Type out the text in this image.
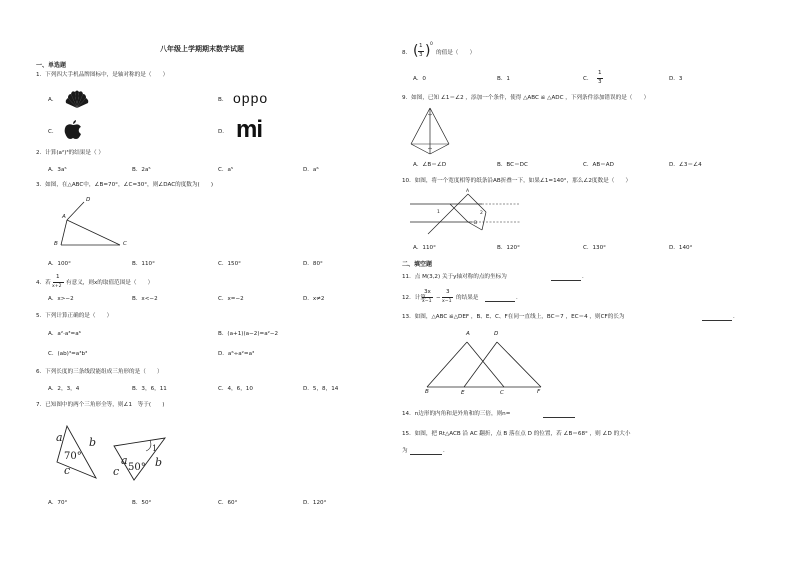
八年级上学期期末数学试题
一、单选题
1．下列四大手机品牌图标中，是轴对称的是（　　）
A．	B． oppo
C．	D． mi
2．计算(a²)³的结果是（ ）
A．3a⁵	B．2a⁵	C．a⁵	D．a⁶
3．如图，在△ABC中，∠B=70°，∠C=30°，则∠DAC的度数为(　　)
D
A
B	C
A．100°	B．110°	C．150°	D．80°
4．若
1
x+2
有意义，则x的取值范围是（　　）
A．x>−2	B．x<−2	C．x=−2	D．x≠2
5．下列计算正确的是（　　）
A．a²·a³=a⁶	B．(a+1)(a−2)=a²−2
C．(ab)³=a³b³	D．a⁶÷a²=a³
6．下列长度的三条线段能组成三角形的是（　　）
A．2，3，4	B．3，6，11	C．4，6，10	D．5，8，14
7．已知图中的两个三角形全等，则∠1　等于(　　)
a b
70°
c
a
c 50° b
1
A．70°	B．50°	C．60°	D．120°
8． ( 1
3 ) 0
的值是（　　）
A．0	B．1	C．
1
3	D．3
9．如图，已知 ∠1＝∠2 ，添加一个条件，使得 △ABC ≌ △ADC ，下列条件添加错误的是（　　）
A．∠B＝∠D	B．BC＝DC	C．AB＝AD	D．∠3＝∠4
10．如图，将一个宽度相等的纸条沿AB折叠一下，如果∠1=140°，那么∠2度数是（　　）
A
1	2
B
A．110°	B．120°	C．130°	D．140°
二、填空题
11．点 M(3,2) 关于y轴对称的点的坐标为	．
12．计算
3x
x−1
−
3
x−1
的结果是	．
13．如图，△ABC ≌△DEF ，B、E、C、F在同一直线上，BC＝7 ，EC＝4 ，则CF的长为	．
A	D
B	E	C	F
14．n边形的内角和是外角和的三倍，则n=
15．如图，把 Rt△ACB 沿 AC 翻折，点 B 落在点 D 的位置，若 ∠B＝68° ，则 ∠D 的大小
为	．
